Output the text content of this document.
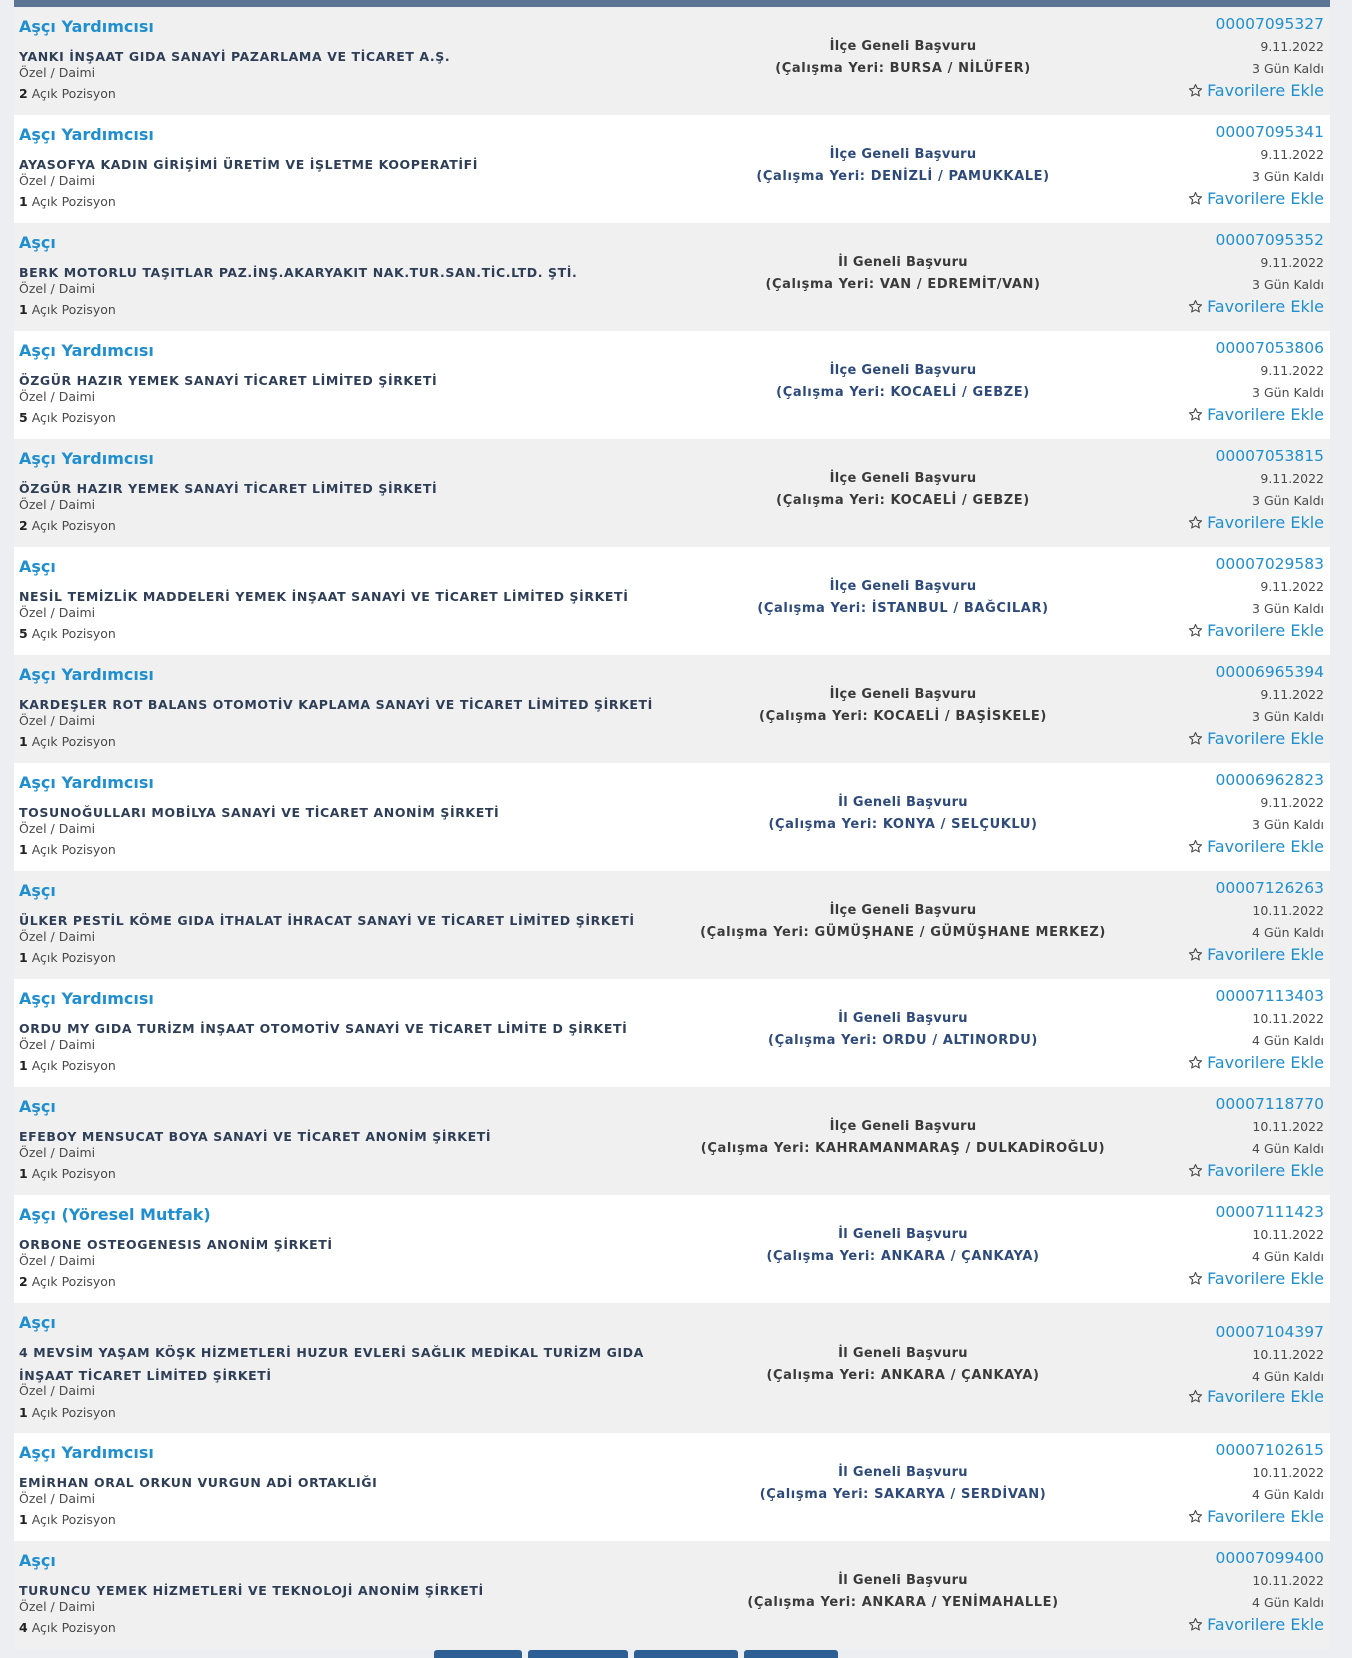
Aşçı Yardımcısı
YANKI İNŞAAT GIDA SANAYİ PAZARLAMA VE TİCARET A.Ş.
Özel / Daimi
2 Açık Pozisyon
İlçe Geneli Başvuru
(Çalışma Yeri: BURSA / NİLÜFER)
00007095327
9.11.2022
3 Gün Kaldı
Favorilere Ekle
Aşçı Yardımcısı
AYASOFYA KADIN GİRİŞİMİ ÜRETİM VE İŞLETME KOOPERATİFİ
Özel / Daimi
1 Açık Pozisyon
İlçe Geneli Başvuru
(Çalışma Yeri: DENİZLİ / PAMUKKALE)
00007095341
9.11.2022
3 Gün Kaldı
Favorilere Ekle
Aşçı
BERK MOTORLU TAŞITLAR PAZ.İNŞ.AKARYAKIT NAK.TUR.SAN.TİC.LTD. ŞTİ.
Özel / Daimi
1 Açık Pozisyon
İl Geneli Başvuru
(Çalışma Yeri: VAN / EDREMİT/VAN)
00007095352
9.11.2022
3 Gün Kaldı
Favorilere Ekle
Aşçı Yardımcısı
ÖZGÜR HAZIR YEMEK SANAYİ TİCARET LİMİTED ŞİRKETİ
Özel / Daimi
5 Açık Pozisyon
İlçe Geneli Başvuru
(Çalışma Yeri: KOCAELİ / GEBZE)
00007053806
9.11.2022
3 Gün Kaldı
Favorilere Ekle
Aşçı Yardımcısı
ÖZGÜR HAZIR YEMEK SANAYİ TİCARET LİMİTED ŞİRKETİ
Özel / Daimi
2 Açık Pozisyon
İlçe Geneli Başvuru
(Çalışma Yeri: KOCAELİ / GEBZE)
00007053815
9.11.2022
3 Gün Kaldı
Favorilere Ekle
Aşçı
NESİL TEMİZLİK MADDELERİ YEMEK İNŞAAT SANAYİ VE TİCARET LİMİTED ŞİRKETİ
Özel / Daimi
5 Açık Pozisyon
İlçe Geneli Başvuru
(Çalışma Yeri: İSTANBUL / BAĞCILAR)
00007029583
9.11.2022
3 Gün Kaldı
Favorilere Ekle
Aşçı Yardımcısı
KARDEŞLER ROT BALANS OTOMOTİV KAPLAMA SANAYİ VE TİCARET LİMİTED ŞİRKETİ
Özel / Daimi
1 Açık Pozisyon
İlçe Geneli Başvuru
(Çalışma Yeri: KOCAELİ / BAŞİSKELE)
00006965394
9.11.2022
3 Gün Kaldı
Favorilere Ekle
Aşçı Yardımcısı
TOSUNOĞULLARI MOBİLYA SANAYİ VE TİCARET ANONİM ŞİRKETİ
Özel / Daimi
1 Açık Pozisyon
İl Geneli Başvuru
(Çalışma Yeri: KONYA / SELÇUKLU)
00006962823
9.11.2022
3 Gün Kaldı
Favorilere Ekle
Aşçı
ÜLKER PESTİL KÖME GIDA İTHALAT İHRACAT SANAYİ VE TİCARET LİMİTED ŞİRKETİ
Özel / Daimi
1 Açık Pozisyon
İlçe Geneli Başvuru
(Çalışma Yeri: GÜMÜŞHANE / GÜMÜŞHANE MERKEZ)
00007126263
10.11.2022
4 Gün Kaldı
Favorilere Ekle
Aşçı Yardımcısı
ORDU MY GIDA TURİZM İNŞAAT OTOMOTİV SANAYİ VE TİCARET LİMİTE D ŞİRKETİ
Özel / Daimi
1 Açık Pozisyon
İl Geneli Başvuru
(Çalışma Yeri: ORDU / ALTINORDU)
00007113403
10.11.2022
4 Gün Kaldı
Favorilere Ekle
Aşçı
EFEBOY MENSUCAT BOYA SANAYİ VE TİCARET ANONİM ŞİRKETİ
Özel / Daimi
1 Açık Pozisyon
İlçe Geneli Başvuru
(Çalışma Yeri: KAHRAMANMARAŞ / DULKADİROĞLU)
00007118770
10.11.2022
4 Gün Kaldı
Favorilere Ekle
Aşçı (Yöresel Mutfak)
ORBONE OSTEOGENESIS ANONİM ŞİRKETİ
Özel / Daimi
2 Açık Pozisyon
İl Geneli Başvuru
(Çalışma Yeri: ANKARA / ÇANKAYA)
00007111423
10.11.2022
4 Gün Kaldı
Favorilere Ekle
Aşçı
4 MEVSİM YAŞAM KÖŞK HİZMETLERİ HUZUR EVLERİ SAĞLIK MEDİKAL TURİZM GIDA İNŞAAT TİCARET LİMİTED ŞİRKETİ
Özel / Daimi
1 Açık Pozisyon
İl Geneli Başvuru
(Çalışma Yeri: ANKARA / ÇANKAYA)
00007104397
10.11.2022
4 Gün Kaldı
Favorilere Ekle
Aşçı Yardımcısı
EMİRHAN ORAL ORKUN VURGUN ADİ ORTAKLIĞI
Özel / Daimi
1 Açık Pozisyon
İl Geneli Başvuru
(Çalışma Yeri: SAKARYA / SERDİVAN)
00007102615
10.11.2022
4 Gün Kaldı
Favorilere Ekle
Aşçı
TURUNCU YEMEK HİZMETLERİ VE TEKNOLOJİ ANONİM ŞİRKETİ
Özel / Daimi
4 Açık Pozisyon
İl Geneli Başvuru
(Çalışma Yeri: ANKARA / YENİMAHALLE)
00007099400
10.11.2022
4 Gün Kaldı
Favorilere Ekle
